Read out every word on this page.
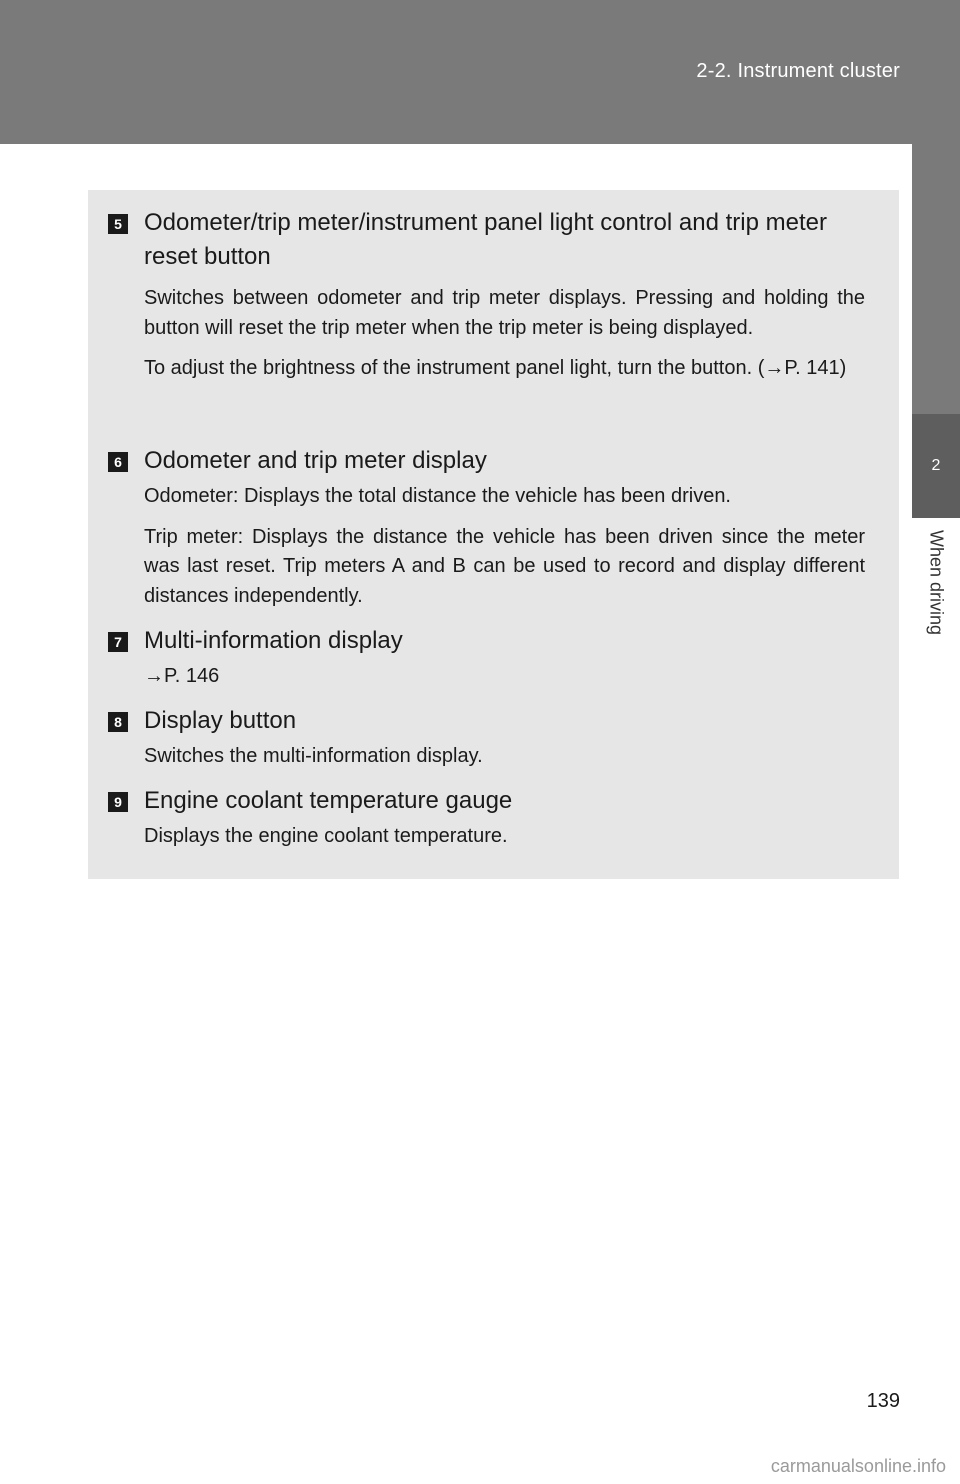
2-2. Instrument cluster
2
When driving
5 Odometer/trip meter/instrument panel light control and trip meter reset button

Switches between odometer and trip meter displays. Pressing and holding the button will reset the trip meter when the trip meter is being displayed.

To adjust the brightness of the instrument panel light, turn the button. (→P. 141)

6 Odometer and trip meter display

Odometer: Displays the total distance the vehicle has been driven.

Trip meter: Displays the distance the vehicle has been driven since the meter was last reset. Trip meters A and B can be used to record and display different distances independently.

7 Multi-information display

→P. 146

8 Display button

Switches the multi-information display.

9 Engine coolant temperature gauge

Displays the engine coolant temperature.

139
carmanualsonline.info
